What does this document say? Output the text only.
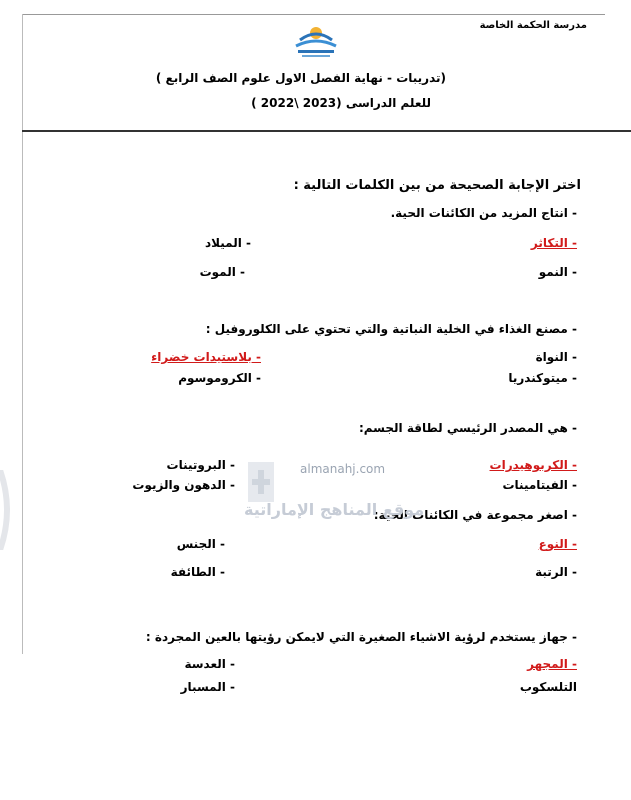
مدرسة الحكمة الخاصة
(تدريبات - نهاية الفصل الاول علوم الصف الرابع )
للعلم الدراسى (2023 \2022 )
اختر الإجابة الصحيحة من بين الكلمات التالية :
- انتاج المزيد من الكائنات الحية.
- التكاثر
- الميلاد
- النمو
- الموت
- مصنع الغذاء في الخلية النباتية والتي تحتوي على الكلوروفيل :
- النواة
- بلاستيدات خضراء
- ميتوكندريا
- الكروموسوم
- هي المصدر الرئيسي لطاقة الجسم:
- الكربوهيدرات
- البروتينات
- الفيتامينات
- الدهون والزيوت
- اصغر مجموعة في الكائنات الحية:
- النوع
- الجنس
- الرتبة
- الطائفة
- جهاز يستخدم لرؤية الاشياء الصغيرة التي لايمكن رؤيتها بالعين المجردة :
- المجهر
- العدسة
التلسكوب
- المسبار
almanahj.com
موقع المناهج الإماراتية
